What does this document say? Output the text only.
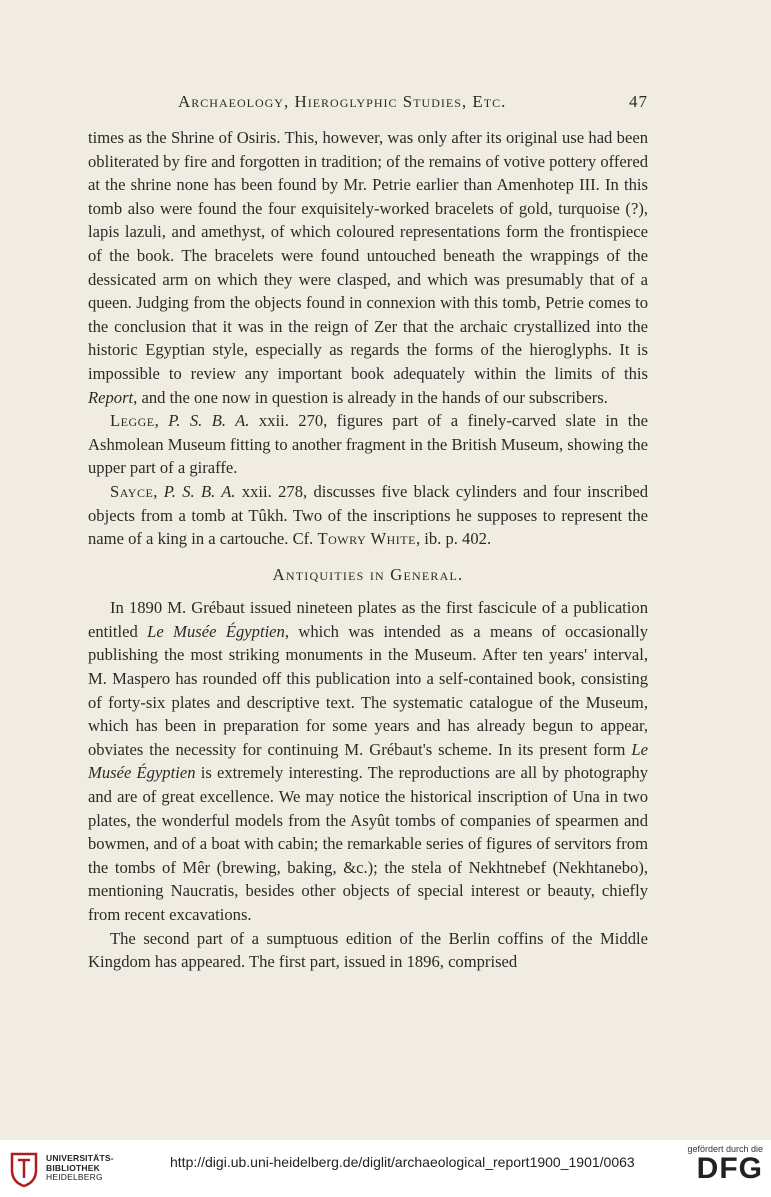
Archaeology, Hieroglyphic Studies, Etc.	47

times as the Shrine of Osiris. This, however, was only after its original use had been obliterated by fire and forgotten in tradition; of the remains of votive pottery offered at the shrine none has been found by Mr. Petrie earlier than Amenhotep III. In this tomb also were found the four exquisitely-worked bracelets of gold, turquoise (?), lapis lazuli, and amethyst, of which coloured representations form the frontispiece of the book. The bracelets were found untouched beneath the wrappings of the dessicated arm on which they were clasped, and which was presumably that of a queen. Judging from the objects found in connexion with this tomb, Petrie comes to the conclusion that it was in the reign of Zer that the archaic crystallized into the historic Egyptian style, especially as regards the forms of the hieroglyphs. It is impossible to review any important book adequately within the limits of this Report, and the one now in question is already in the hands of our subscribers.

Legge, P. S. B. A. xxii. 270, figures part of a finely-carved slate in the Ashmolean Museum fitting to another fragment in the British Museum, showing the upper part of a giraffe.

Sayce, P. S. B. A. xxii. 278, discusses five black cylinders and four inscribed objects from a tomb at Tûkh. Two of the inscriptions he supposes to represent the name of a king in a cartouche. Cf. Towry White, ib. p. 402.

Antiquities in General.

In 1890 M. Grébaut issued nineteen plates as the first fascicule of a publication entitled Le Musée Égyptien, which was intended as a means of occasionally publishing the most striking monuments in the Museum. After ten years' interval, M. Maspero has rounded off this publication into a self-contained book, consisting of forty-six plates and descriptive text. The systematic catalogue of the Museum, which has been in preparation for some years and has already begun to appear, obviates the necessity for continuing M. Grébaut's scheme. In its present form Le Musée Égyptien is extremely interesting. The reproductions are all by photography and are of great excellence. We may notice the historical inscription of Una in two plates, the wonderful models from the Asyût tombs of companies of spearmen and bowmen, and of a boat with cabin; the remarkable series of figures of servitors from the tombs of Mêr (brewing, baking, &c.); the stela of Nekhtnebef (Nekhtanebo), mentioning Naucratis, besides other objects of special interest or beauty, chiefly from recent excavations.

The second part of a sumptuous edition of the Berlin coffins of the Middle Kingdom has appeared. The first part, issued in 1896, comprised

UNIVERSITÄTS-
BIBLIOTHEK
HEIDELBERG
http://digi.ub.uni-heidelberg.de/diglit/archaeological_report1900_1901/0063
gefördert durch die
DFG
